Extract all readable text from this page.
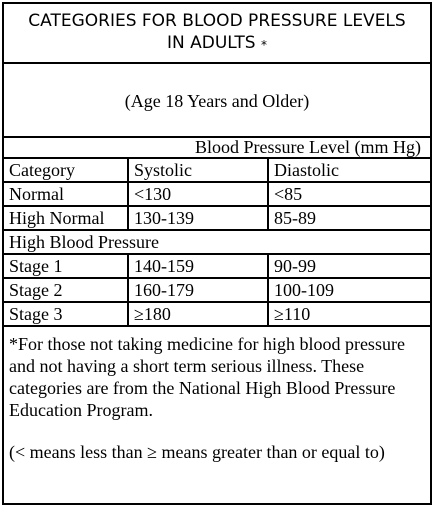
CATEGORIES FOR BLOOD PRESSURE LEVELS
IN ADULTS *
(Age 18 Years and Older)
Blood Pressure Level (mm Hg)
Category	Systolic	Diastolic
Normal	<130	<85
High Normal	130-139	85-89
High Blood Pressure
Stage 1	140-159	90-99
Stage 2	160-179	100-109
Stage 3	≥180	≥110

*For those not taking medicine for high blood pressure and not having a short term serious illness. These categories are from the National High Blood Pressure Education Program.

(< means less than ≥ means greater than or equal to)
